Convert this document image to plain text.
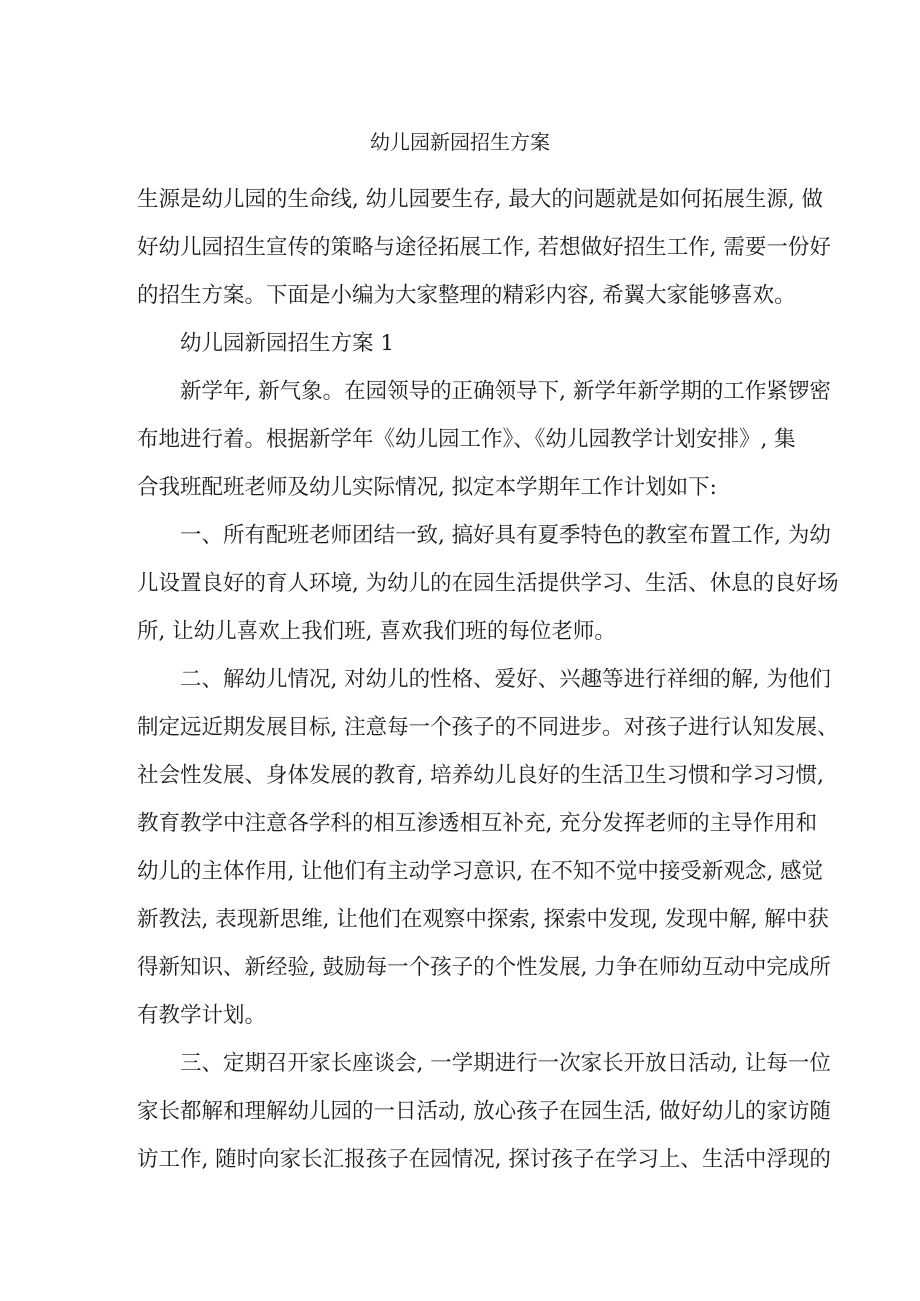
幼儿园新园招生方案
生源是幼儿园的生命线, 幼儿园要生存, 最大的问题就是如何拓展生源, 做
好幼儿园招生宣传的策略与途径拓展工作, 若想做好招生工作, 需要一份好
的招生方案。下面是小编为大家整理的精彩内容, 希翼大家能够喜欢。
幼儿园新园招生方案 1
新学年, 新气象。在园领导的正确领导下, 新学年新学期的工作紧锣密
布地进行着。根据新学年《幼儿园工作》、《幼儿园教学计划安排》, 集
合我班配班老师及幼儿实际情况, 拟定本学期年工作计划如下:
一、所有配班老师团结一致, 搞好具有夏季特色的教室布置工作, 为幼
儿设置良好的育人环境, 为幼儿的在园生活提供学习、生活、休息的良好场
所, 让幼儿喜欢上我们班, 喜欢我们班的每位老师。
二、解幼儿情况, 对幼儿的性格、爱好、兴趣等进行祥细的解, 为他们
制定远近期发展目标, 注意每一个孩子的不同进步。对孩子进行认知发展、
社会性发展、身体发展的教育, 培养幼儿良好的生活卫生习惯和学习习惯,
教育教学中注意各学科的相互渗透相互补充, 充分发挥老师的主导作用和
幼儿的主体作用, 让他们有主动学习意识, 在不知不觉中接受新观念, 感觉
新教法, 表现新思维, 让他们在观察中探索, 探索中发现, 发现中解, 解中获
得新知识、新经验, 鼓励每一个孩子的个性发展, 力争在师幼互动中完成所
有教学计划。
三、定期召开家长座谈会, 一学期进行一次家长开放日活动, 让每一位
家长都解和理解幼儿园的一日活动, 放心孩子在园生活, 做好幼儿的家访随
访工作, 随时向家长汇报孩子在园情况, 探讨孩子在学习上、生活中浮现的
